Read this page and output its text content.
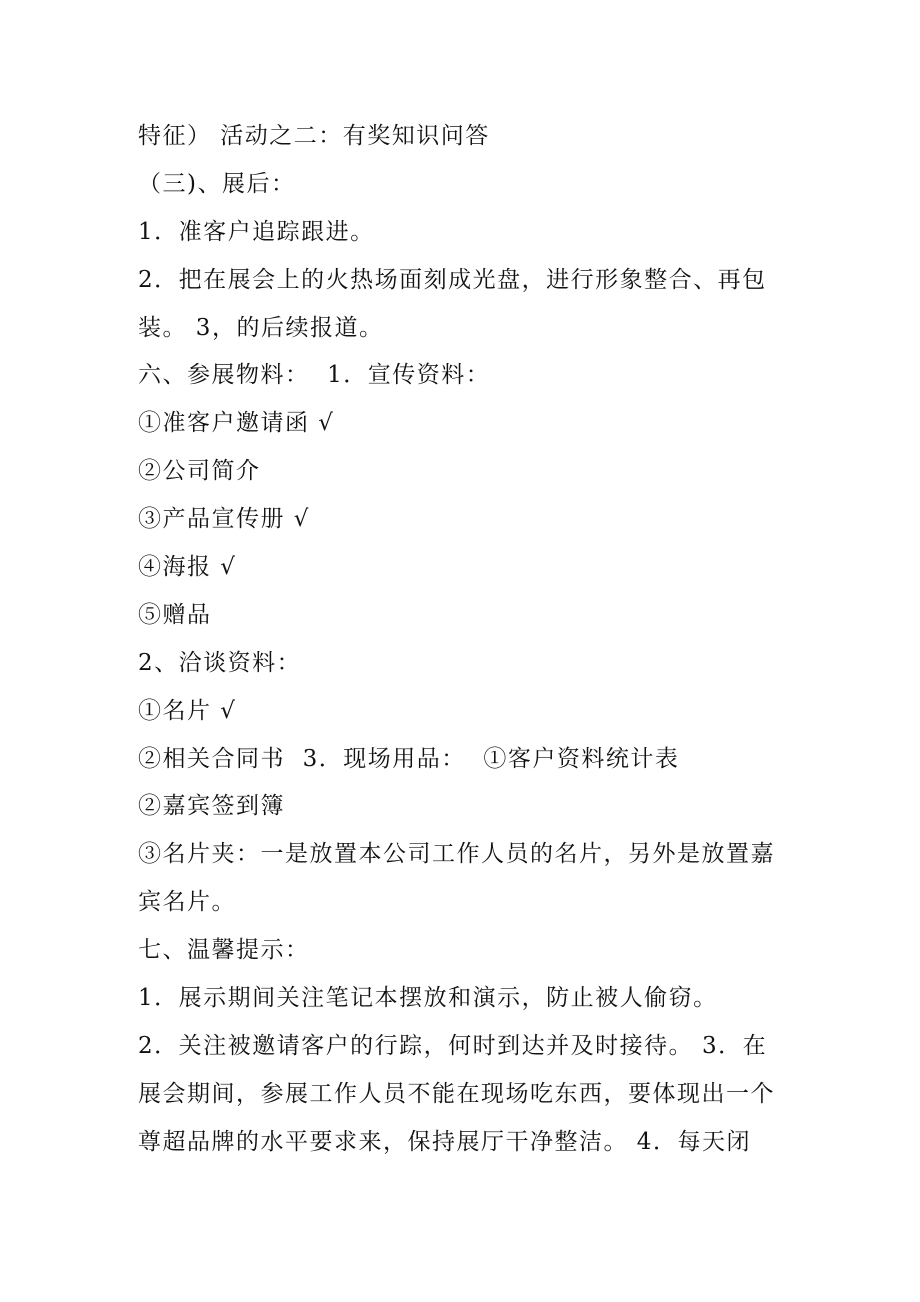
特征） 活动之二：有奖知识问答

（三)、展后：

1．准客户追踪跟进。

2．把在展会上的火热场面刻成光盘，进行形象整合、再包

装。 3，的后续报道。

六、参展物料：  1．宣传资料：

①准客户邀请函 √

②公司简介

③产品宣传册 √

④海报 √

⑤赠品

2、洽谈资料：

①名片 √

②相关合同书  3．现场用品：  ①客户资料统计表

②嘉宾签到簿

③名片夹：一是放置本公司工作人员的名片，另外是放置嘉

宾名片。

七、温馨提示：

1．展示期间关注笔记本摆放和演示，防止被人偷窃。

2．关注被邀请客户的行踪，何时到达并及时接待。 3．在

展会期间，参展工作人员不能在现场吃东西，要体现出一个

尊超品牌的水平要求来，保持展厅干净整洁。 4．每天闭
